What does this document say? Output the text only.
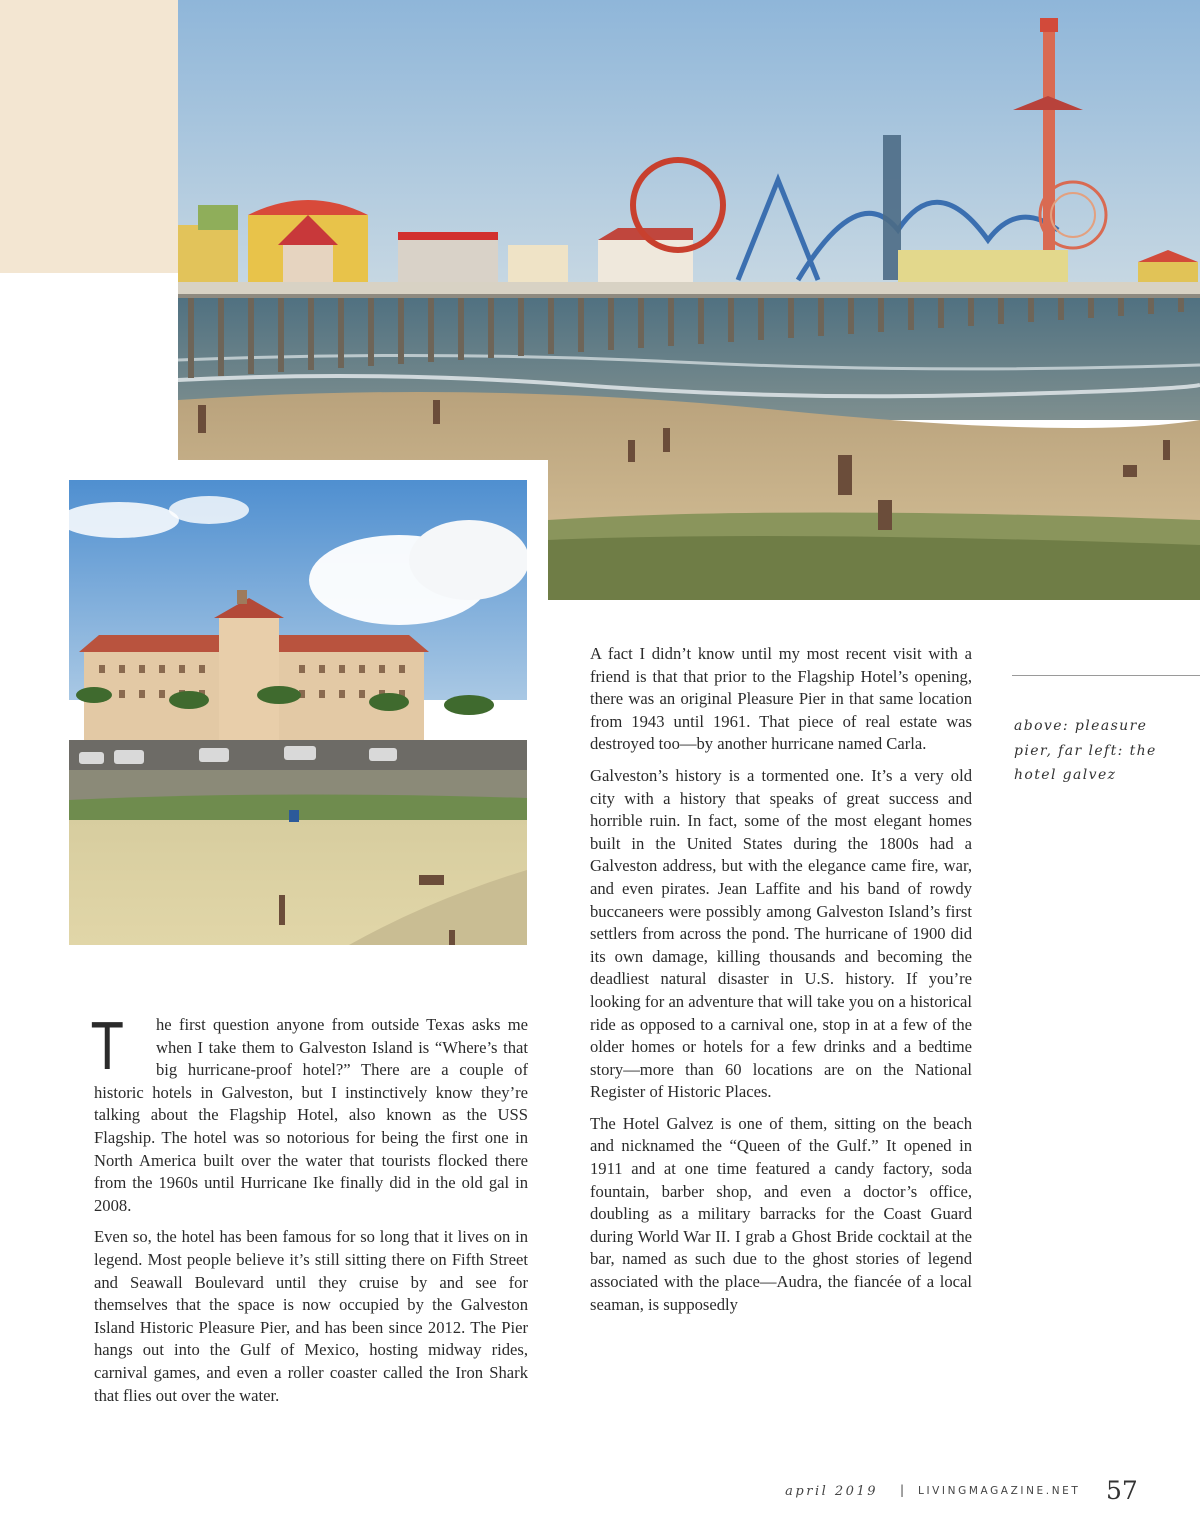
T he first question anyone from outside Texas asks me when I take them to Galveston Island is “Where’s that big hurricane-proof hotel?” There are a couple of historic hotels in Galveston, but I instinctively know they’re talking about the Flagship Hotel, also known as the USS Flagship. The hotel was so notorious for being the first one in North America built over the water that tourists flocked there from the 1960s until Hurricane Ike finally did in the old gal in 2008.

Even so, the hotel has been famous for so long that it lives on in legend. Most people believe it’s still sitting there on Fifth Street and Seawall Boulevard until they cruise by and see for themselves that the space is now occupied by the Galveston Island Historic Pleasure Pier, and has been since 2012. The Pier hangs out into the Gulf of Mexico, hosting midway rides, carnival games, and even a roller coaster called the Iron Shark that flies out over the water.

A fact I didn’t know until my most recent visit with a friend is that that prior to the Flagship Hotel’s opening, there was an original Pleasure Pier in that same location from 1943 until 1961. That piece of real estate was destroyed too—by another hurricane named Carla.

Galveston’s history is a tormented one. It’s a very old city with a history that speaks of great success and horrible ruin. In fact, some of the most elegant homes built in the United States during the 1800s had a Galveston address, but with the elegance came fire, war, and even pirates. Jean Laffite and his band of rowdy buccaneers were possibly among Galveston Island’s first settlers from across the pond. The hurricane of 1900 did its own damage, killing thousands and becoming the deadliest natural disaster in U.S. history. If you’re looking for an adventure that will take you on a historical ride as opposed to a carnival one, stop in at a few of the older homes or hotels for a few drinks and a bedtime story—more than 60 locations are on the National Register of Historic Places.

The Hotel Galvez is one of them, sitting on the beach and nicknamed the “Queen of the Gulf.” It opened in 1911 and at one time featured a candy factory, soda fountain, barber shop, and even a doctor’s office, doubling as a military barracks for the Coast Guard during World War II. I grab a Ghost Bride cocktail at the bar, named as such due to the ghost stories of legend associated with the place—Audra, the fiancée of a local seaman, is supposedly

above: pleasure pier, far left: the hotel galvez
april 2019 | LIVINGMAGAZINE.NET 57
